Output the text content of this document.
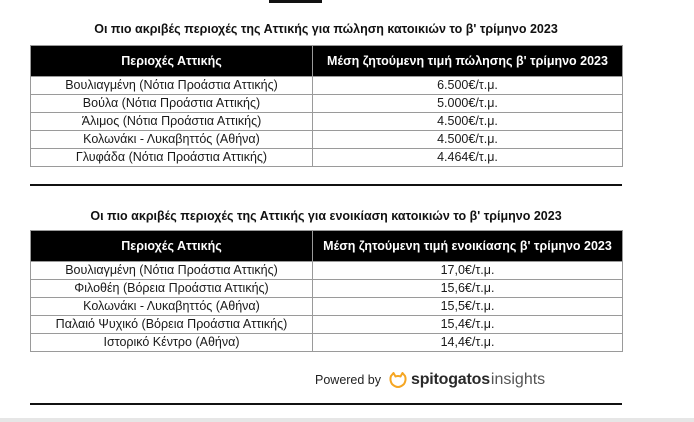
Οι πιο ακριβές περιοχές της Αττικής για πώληση κατοικιών το β' τρίμηνο 2023
Περιοχές Αττικής	Μέση ζητούμενη τιμή πώλησης β' τρίμηνο 2023
Βουλιαγμένη (Νότια Προάστια Αττικής)	6.500€/τ.μ.
Βούλα (Νότια Προάστια Αττικής)	5.000€/τ.μ.
Άλιμος (Νότια Προάστια Αττικής)	4.500€/τ.μ.
Κολωνάκι - Λυκαβηττός (Αθήνα)	4.500€/τ.μ.
Γλυφάδα (Νότια Προάστια Αττικής)	4.464€/τ.μ.
Οι πιο ακριβές περιοχές της Αττικής για ενοικίαση κατοικιών το β' τρίμηνο 2023
Περιοχές Αττικής	Μέση ζητούμενη τιμή ενοικίασης β' τρίμηνο 2023
Βουλιαγμένη (Νότια Προάστια Αττικής)	17,0€/τ.μ.
Φιλοθέη (Βόρεια Προάστια Αττικής)	15,6€/τ.μ.
Κολωνάκι - Λυκαβηττός (Αθήνα)	15,5€/τ.μ.
Παλαιό Ψυχικό (Βόρεια Προάστια Αττικής)	15,4€/τ.μ.
Ιστορικό Κέντρο (Αθήνα)	14,4€/τ.μ.
Powered by spitogatos insights
